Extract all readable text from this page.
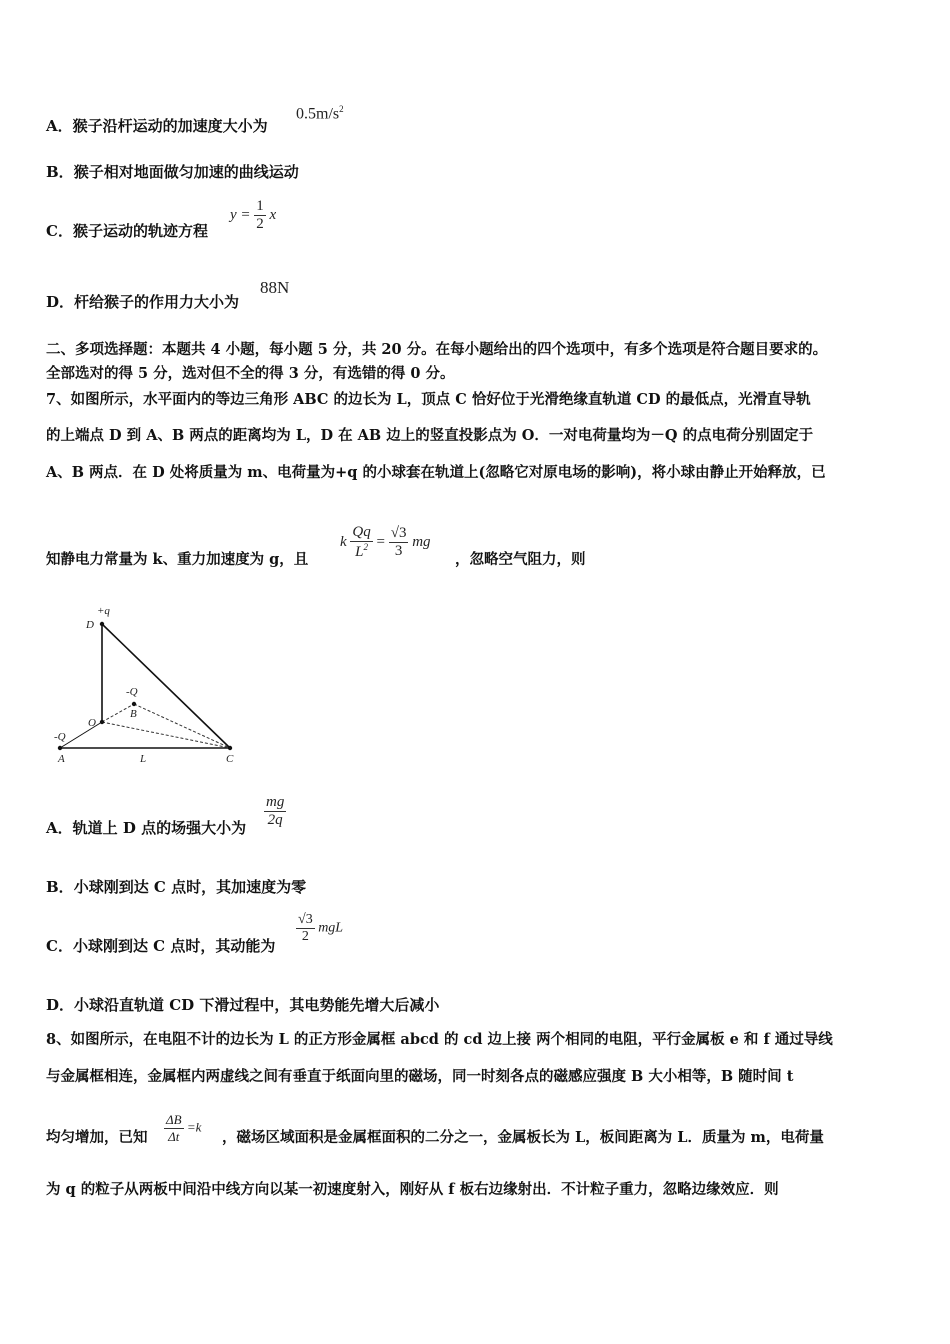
A．猴子沿杆运动的加速度大小为
$0.5m/s^2$
B．猴子相对地面做匀加速的曲线运动
C．猴子运动的轨迹方程
$y = \frac{1}{2}$ x
D．杆给猴子的作用力大小为
88N
二、多项选择题：本题共 4 小题，每小题 5 分，共 20 分。在每小题给出的四个选项中，有多个选项是符合题目要求的。
全部选对的得 5 分，选对但不全的得 3 分，有选错的得 0 分。
7、如图所示，水平面内的等边三角形 ABC 的边长为 L，顶点 C 恰好位于光滑绝缘直轨道 CD 的最低点，光滑直导轨
的上端点 D 到 A、B 两点的距离均为 L，D 在 AB 边上的竖直投影点为 O．一对电荷量均为－Q 的点电荷分别固定于
A、B 两点．在 D 处将质量为 m、电荷量为+q 的小球套在轨道上(忽略它对原电场的影响)，将小球由静止开始释放，已
知静电力常量为 k、重力加速度为 g，且
k $\frac{Qq}{L^2} = \frac{√3}{3}$ mg
，忽略空气阻力，则
+q
D
O
-Q
B
-Q
A	L	C
A．轨道上 D 点的场强大小为 $\frac{mg}{2q}$
B．小球刚到达 C 点时，其加速度为零
C．小球刚到达 C 点时，其动能为
$\frac{√3}{2}$ mgL
D．小球沿直轨道 CD 下滑过程中，其电势能先增大后减小
8、如图所示，在电阻不计的边长为 L 的正方形金属框 abcd 的 cd 边上接 两个相同的电阻，平行金属板 e 和 f 通过导线
与金属框相连，金属框内两虚线之间有垂直于纸面向里的磁场，同一时刻各点的磁感应强度 B 大小相等，B 随时间 t
均匀增加，已知 $\frac{\Delta B}{\Delta t} =k$
，磁场区域面积是金属框面积的二分之一，金属板长为 L，板间距离为 L．质量为 m，电荷量
为 q 的粒子从两板中间沿中线方向以某一初速度射入，刚好从 f 板右边缘射出．不计粒子重力，忽略边缘效应．则
